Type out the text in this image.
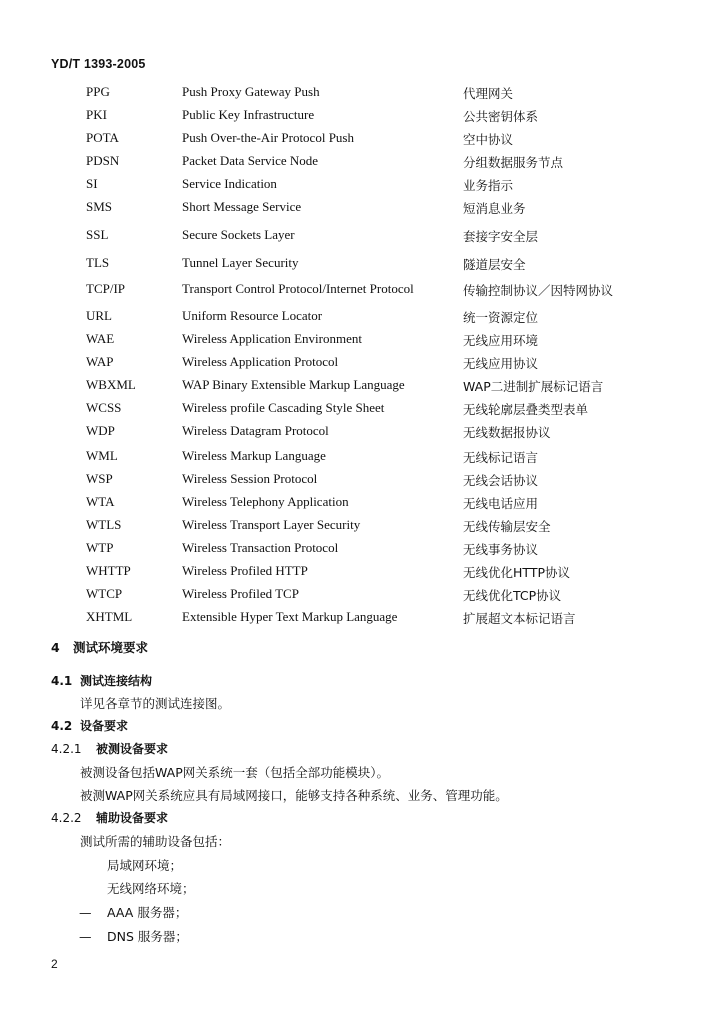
YD/T 1393-2005
PPG	Push Proxy Gateway Push	代理网关
PKI	Public Key Infrastructure	公共密钥体系
POTA	Push Over-the-Air Protocol Push	空中协议
PDSN	Packet Data Service Node	分组数据服务节点
SI	Service Indication	业务指示
SMS	Short Message Service	短消息业务
SSL	Secure Sockets Layer	套接字安全层
TLS	Tunnel Layer Security	隧道层安全
TCP/IP	Transport Control Protocol/Internet Protocol	传输控制协议／因特网协议
URL	Uniform Resource Locator	统一资源定位
WAE	Wireless Application Environment	无线应用环境
WAP	Wireless Application Protocol	无线应用协议
WBXML	WAP Binary Extensible Markup Language	WAP二进制扩展标记语言
WCSS	Wireless profile Cascading Style Sheet	无线轮廓层叠类型表单
WDP	Wireless Datagram Protocol	无线数据报协议
WML	Wireless Markup Language	无线标记语言
WSP	Wireless Session Protocol	无线会话协议
WTA	Wireless Telephony Application	无线电话应用
WTLS	Wireless Transport Layer Security	无线传输层安全
WTP	Wireless Transaction Protocol	无线事务协议
WHTTP	Wireless Profiled HTTP	无线优化HTTP协议
WTCP	Wireless Profiled TCP	无线优化TCP协议
XHTML	Extensible Hyper Text Markup Language	扩展超文本标记语言
4 测试环境要求
4.1 测试连接结构
详见各章节的测试连接图。
4.2 设备要求
4.2.1 被测设备要求
被测设备包括WAP网关系统一套（包括全部功能模块）。
被测WAP网关系统应具有局域网接口，能够支持各种系统、业务、管理功能。
4.2.2 辅助设备要求
测试所需的辅助设备包括：
局域网环境；
无线网络环境；
— AAA 服务器；
— DNS 服务器；
2
